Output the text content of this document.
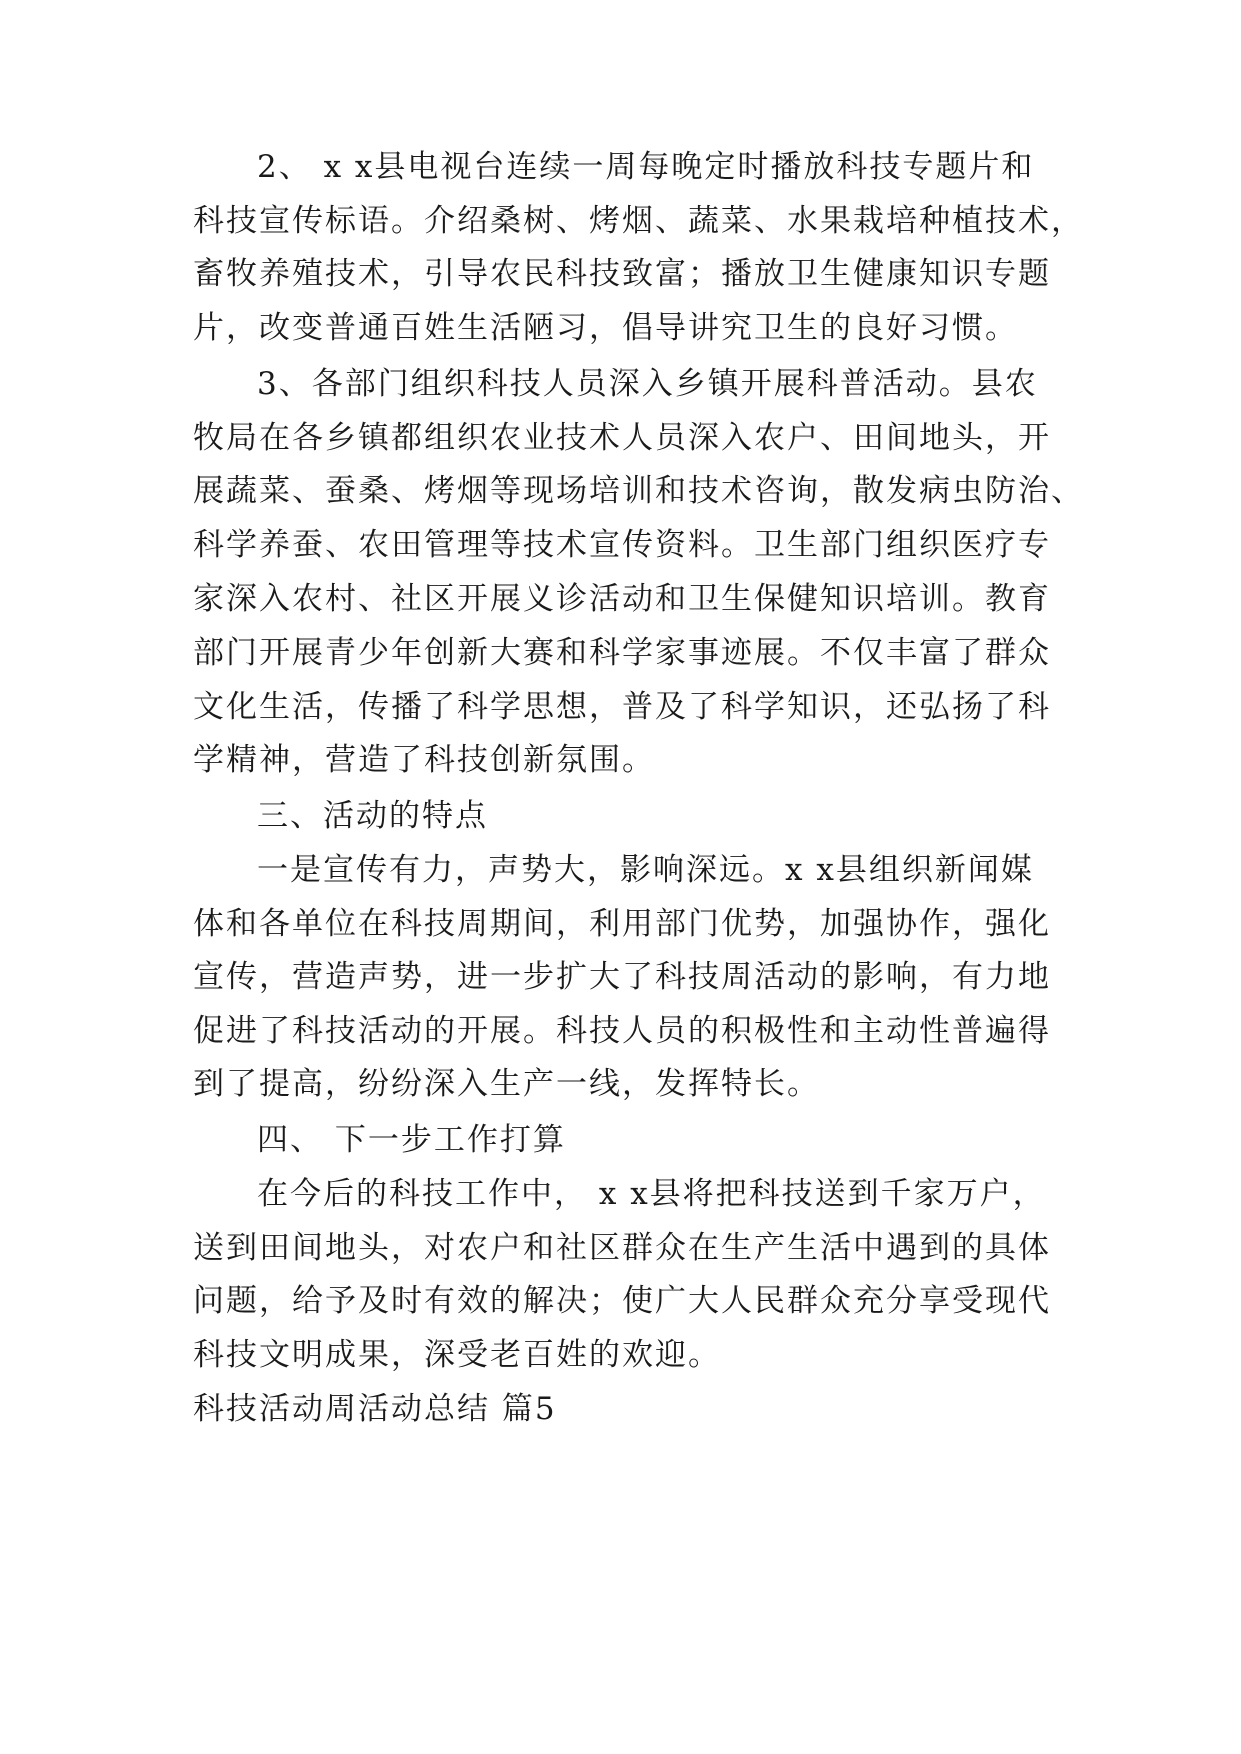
2、 x x县电视台连续一周每晚定时播放科技专题片和
科技宣传标语。介绍桑树、烤烟、蔬菜、水果栽培种植技术，
畜牧养殖技术，引导农民科技致富；播放卫生健康知识专题
片，改变普通百姓生活陋习，倡导讲究卫生的良好习惯。
3、各部门组织科技人员深入乡镇开展科普活动。县农
牧局在各乡镇都组织农业技术人员深入农户、田间地头，开
展蔬菜、蚕桑、烤烟等现场培训和技术咨询，散发病虫防治、
科学养蚕、农田管理等技术宣传资料。卫生部门组织医疗专
家深入农村、社区开展义诊活动和卫生保健知识培训。教育
部门开展青少年创新大赛和科学家事迹展。不仅丰富了群众
文化生活，传播了科学思想，普及了科学知识，还弘扬了科
学精神，营造了科技创新氛围。
三、活动的特点
一是宣传有力，声势大，影响深远。x x县组织新闻媒
体和各单位在科技周期间，利用部门优势，加强协作，强化
宣传，营造声势，进一步扩大了科技周活动的影响，有力地
促进了科技活动的开展。科技人员的积极性和主动性普遍得
到了提高，纷纷深入生产一线，发挥特长。
四、 下一步工作打算
在今后的科技工作中， x x县将把科技送到千家万户，
送到田间地头，对农户和社区群众在生产生活中遇到的具体
问题，给予及时有效的解决；使广大人民群众充分享受现代
科技文明成果，深受老百姓的欢迎。
科技活动周活动总结 篇5
